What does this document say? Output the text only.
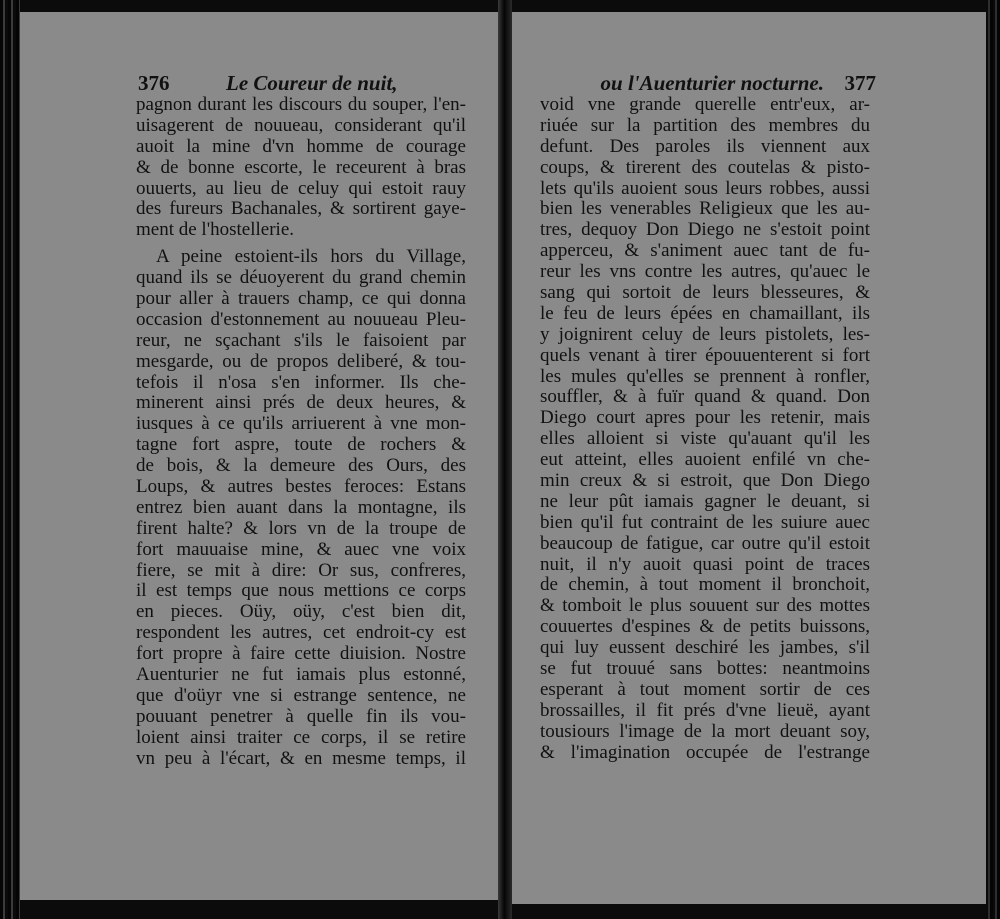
376	Le Coureur de nuit,
pagnon durant les discours du souper, l'en-
uisagerent de nouueau, considerant qu'il
auoit la mine d'vn homme de courage
& de bonne escorte, le receurent à bras
ouuerts, au lieu de celuy qui estoit rauy
des fureurs Bachanales, & sortirent gaye-
ment de l'hostellerie.
A peine estoient-ils hors du Village,
quand ils se déuoyerent du grand chemin
pour aller à trauers champ, ce qui donna
occasion d'estonnement au nouueau Pleu-
reur, ne sçachant s'ils le faisoient par
mesgarde, ou de propos deliberé, & tou-
tefois il n'osa s'en informer. Ils che-
minerent ainsi prés de deux heures, &
iusques à ce qu'ils arriuerent à vne mon-
tagne fort aspre, toute de rochers &
de bois, & la demeure des Ours, des
Loups, & autres bestes feroces: Estans
entrez bien auant dans la montagne, ils
firent halte? & lors vn de la troupe de
fort mauuaise mine, & auec vne voix
fiere, se mit à dire: Or sus, confreres,
il est temps que nous mettions ce corps
en pieces. Oüy, oüy, c'est bien dit,
respondent les autres, cet endroit-cy est
fort propre à faire cette diuision. Nostre
Auenturier ne fut iamais plus estonné,
que d'oüyr vne si estrange sentence, ne
pouuant penetrer à quelle fin ils vou-
loient ainsi traiter ce corps, il se retire
vn peu à l'écart, & en mesme temps, il
ou l'Auenturier nocturne. 377
void vne grande querelle entr'eux, ar-
riuée sur la partition des membres du
defunt. Des paroles ils viennent aux
coups, & tirerent des coutelas & pisto-
lets qu'ils auoient sous leurs robbes, aussi
bien les venerables Religieux que les au-
tres, dequoy Don Diego ne s'estoit point
apperceu, & s'animent auec tant de fu-
reur les vns contre les autres, qu'auec le
sang qui sortoit de leurs blesseures, &
le feu de leurs épées en chamaillant, ils
y joignirent celuy de leurs pistolets, les-
quels venant à tirer épouuenterent si fort
les mules qu'elles se prennent à ronfler,
souffler, & à fuïr quand & quand. Don
Diego court apres pour les retenir, mais
elles alloient si viste qu'auant qu'il les
eut atteint, elles auoient enfilé vn che-
min creux & si estroit, que Don Diego
ne leur pût iamais gagner le deuant, si
bien qu'il fut contraint de les suiure auec
beaucoup de fatigue, car outre qu'il estoit
nuit, il n'y auoit quasi point de traces
de chemin, à tout moment il bronchoit,
& tomboit le plus souuent sur des mottes
couuertes d'espines & de petits buissons,
qui luy eussent deschiré les jambes, s'il
se fut trouué sans bottes: neantmoins
esperant à tout moment sortir de ces
brossailles, il fit prés d'vne lieuë, ayant
tousiours l'image de la mort deuant soy,
& l'imagination occupée de l'estrange
